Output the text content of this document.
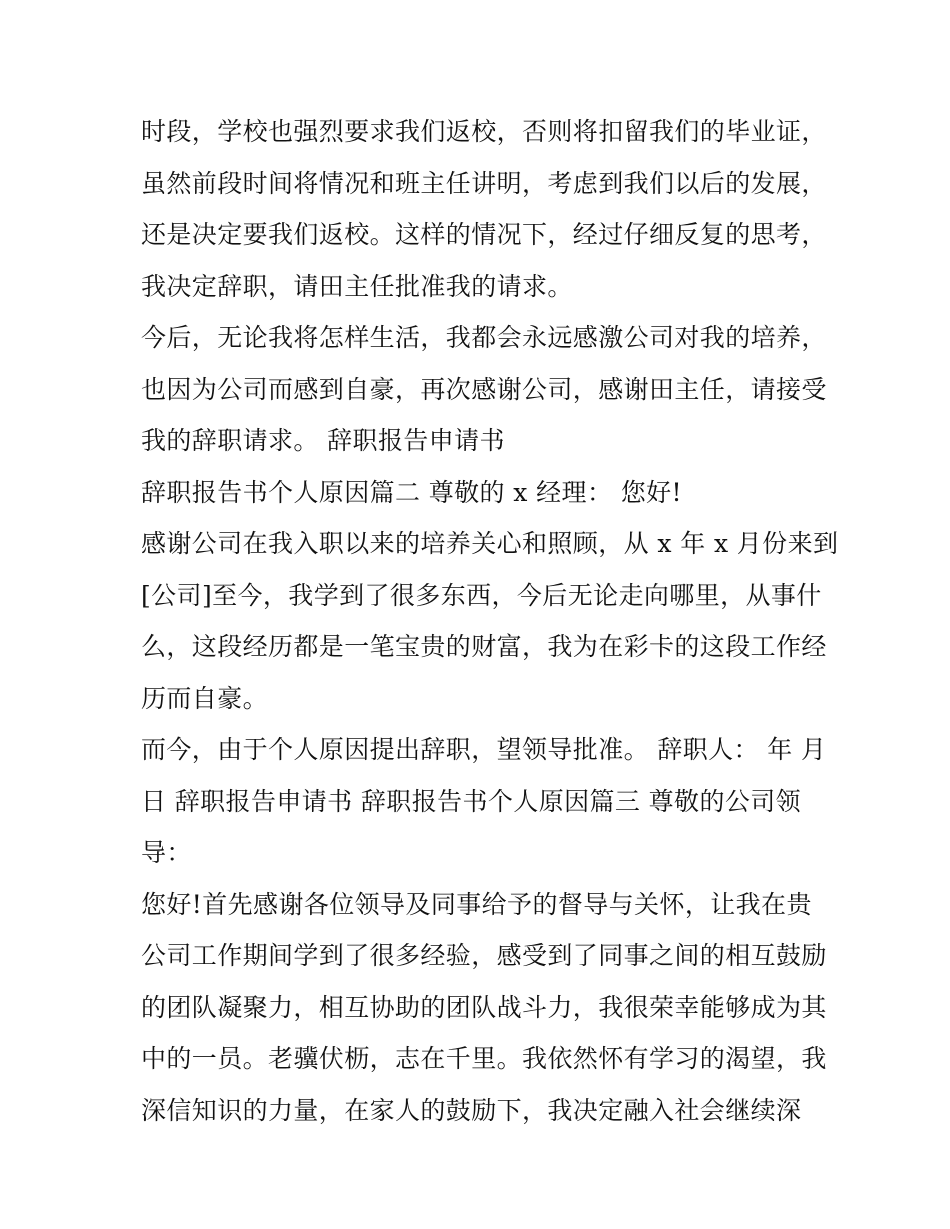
时段，学校也强烈要求我们返校，否则将扣留我们的毕业证，
虽然前段时间将情况和班主任讲明，考虑到我们以后的发展，
还是决定要我们返校。这样的情况下，经过仔细反复的思考，
我决定辞职，请田主任批准我的请求。
今后，无论我将怎样生活，我都会永远感激公司对我的培养，
也因为公司而感到自豪，再次感谢公司，感谢田主任，请接受
我的辞职请求。 辞职报告申请书
辞职报告书个人原因篇二 尊敬的 x 经理： 您好!
感谢公司在我入职以来的培养关心和照顾，从 x 年 x 月份来到
[公司]至今，我学到了很多东西，今后无论走向哪里，从事什
么，这段经历都是一笔宝贵的财富，我为在彩卡的这段工作经
历而自豪。
而今，由于个人原因提出辞职，望领导批准。 辞职人： 年 月
日 辞职报告申请书 辞职报告书个人原因篇三 尊敬的公司领
导：
您好!首先感谢各位领导及同事给予的督导与关怀，让我在贵
公司工作期间学到了很多经验，感受到了同事之间的相互鼓励
的团队凝聚力，相互协助的团队战斗力，我很荣幸能够成为其
中的一员。老骥伏枥，志在千里。我依然怀有学习的渴望，我
深信知识的力量，在家人的鼓励下，我决定融入社会继续深
